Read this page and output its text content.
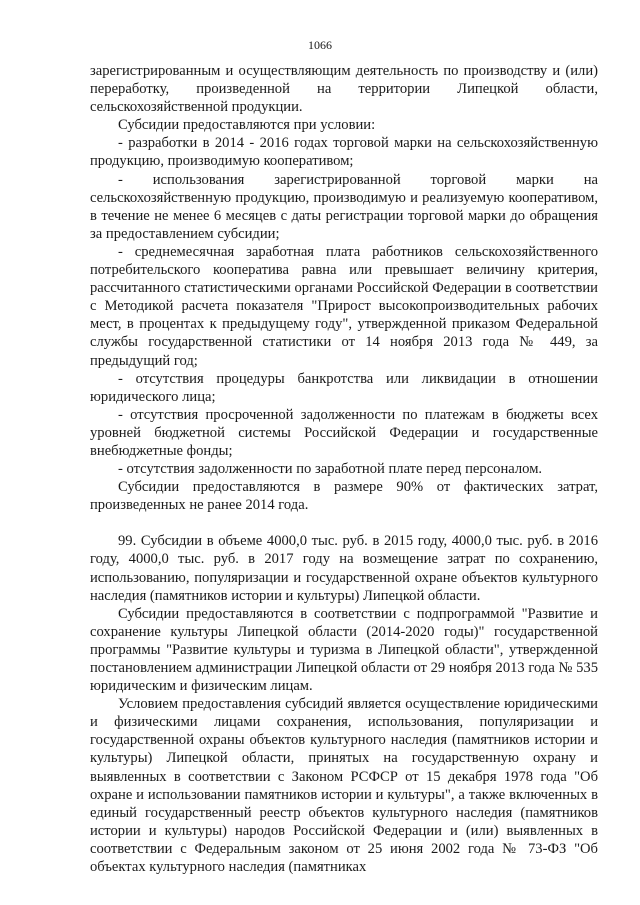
1066

зарегистрированным и осуществляющим деятельность по производству и (или) переработку, произведенной на территории Липецкой области, сельскохозяйственной продукции.

Субсидии предоставляются при условии:

- разработки в 2014 - 2016 годах торговой марки на сельскохозяйственную продукцию, производимую кооперативом;

- использования зарегистрированной торговой марки на сельскохозяйственную продукцию, производимую и реализуемую кооперативом, в течение не менее 6 месяцев с даты регистрации торговой марки до обращения за предоставлением субсидии;

- среднемесячная заработная плата работников сельскохозяйственного потребительского кооператива равна или превышает величину критерия, рассчитанного статистическими органами Российской Федерации в соответствии с Методикой расчета показателя "Прирост высокопроизводительных рабочих мест, в процентах к предыдущему году", утвержденной приказом Федеральной службы государственной статистики от 14 ноября 2013 года № 449, за предыдущий год;

- отсутствия процедуры банкротства или ликвидации в отношении юридического лица;

- отсутствия просроченной задолженности по платежам в бюджеты всех уровней бюджетной системы Российской Федерации и государственные внебюджетные фонды;

- отсутствия задолженности по заработной плате перед персоналом.

Субсидии предоставляются в размере 90% от фактических затрат, произведенных не ранее 2014 года.

99. Субсидии в объеме 4000,0 тыс. руб. в 2015 году, 4000,0 тыс. руб. в 2016 году, 4000,0 тыс. руб. в 2017 году на возмещение затрат по сохранению, использованию, популяризации и государственной охране объектов культурного наследия (памятников истории и культуры) Липецкой области.

Субсидии предоставляются в соответствии с подпрограммой "Развитие и сохранение культуры Липецкой области (2014-2020 годы)" государственной программы "Развитие культуры и туризма в Липецкой области", утвержденной постановлением администрации Липецкой области от 29 ноября 2013 года № 535 юридическим и физическим лицам.

Условием предоставления субсидий является осуществление юридическими и физическими лицами сохранения, использования, популяризации и государственной охраны объектов культурного наследия (памятников истории и культуры) Липецкой области, принятых на государственную охрану и выявленных в соответствии с Законом РСФСР от 15 декабря 1978 года "Об охране и использовании памятников истории и культуры", а также включенных в единый государственный реестр объектов культурного наследия (памятников истории и культуры) народов Российской Федерации и (или) выявленных в соответствии с Федеральным законом от 25 июня 2002 года № 73-ФЗ "Об объектах культурного наследия (памятниках
